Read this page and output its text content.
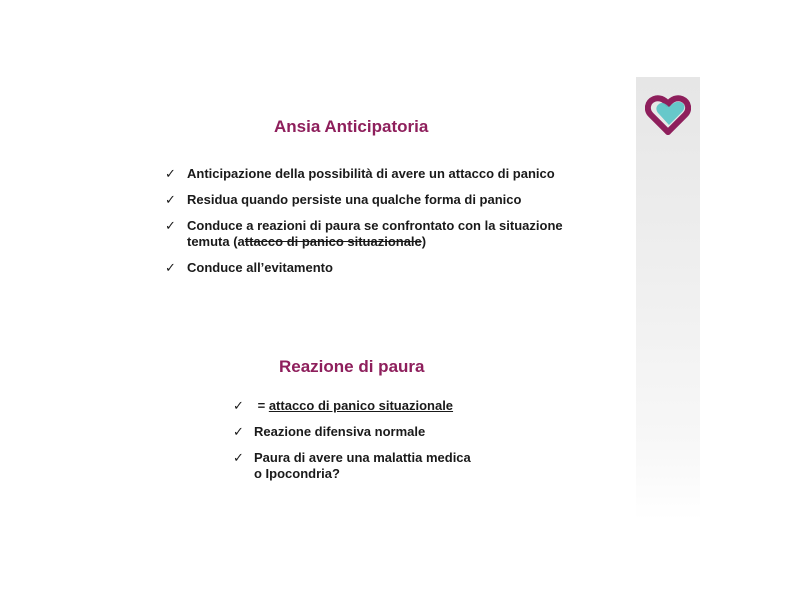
Ansia Anticipatoria
✓ Anticipazione della possibilità di avere un attacco di panico
✓ Residua quando persiste una qualche forma di panico
✓ Conduce a reazioni di paura se confrontato con la situazione
temuta (attacco di panico situazionale)
✓ Conduce all’evitamento
Reazione di paura
✓ = attacco di panico situazionale
✓ Reazione difensiva normale
✓ Paura di avere una malattia medica
o Ipocondria?
